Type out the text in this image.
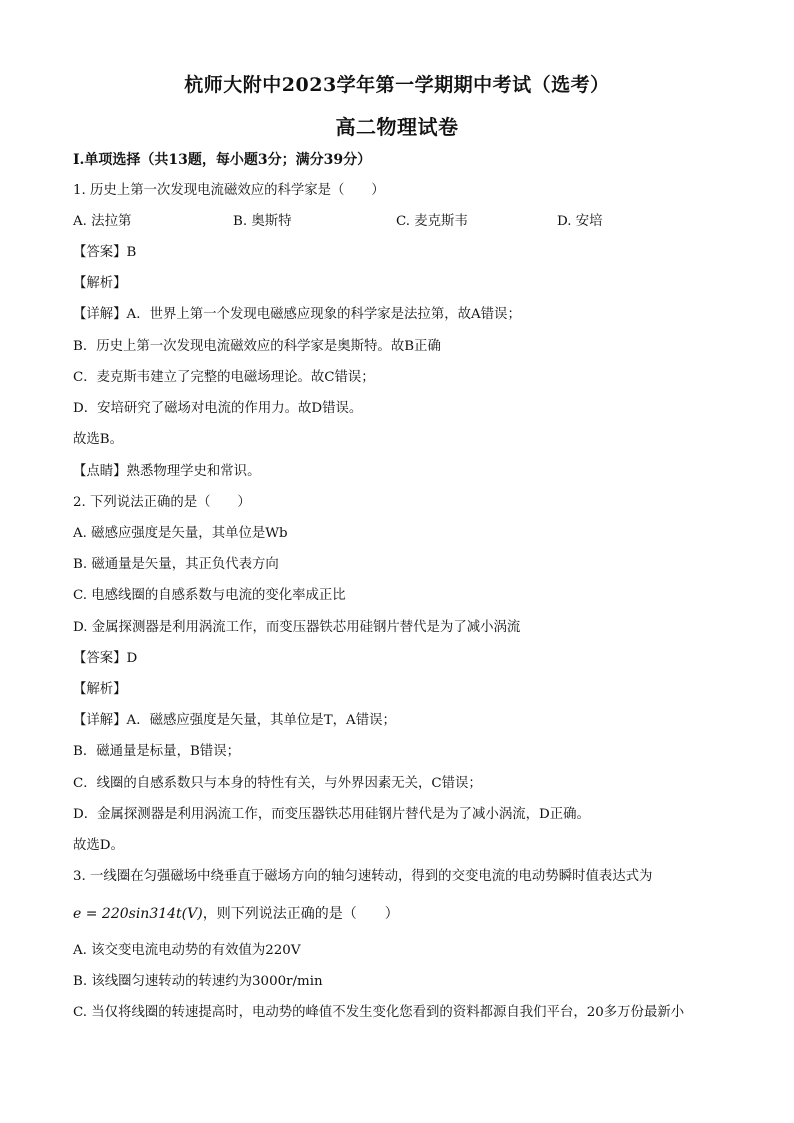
杭师大附中2023学年第一学期期中考试（选考）
高二物理试卷
I.单项选择（共13题，每小题3分；满分39分）
1. 历史上第一次发现电流磁效应的科学家是（　　）
A. 法拉第	B. 奥斯特	C. 麦克斯韦	D. 安培
【答案】B
【解析】
【详解】A．世界上第一个发现电磁感应现象的科学家是法拉第，故A错误；
B．历史上第一次发现电流磁效应的科学家是奥斯特。故B正确
C．麦克斯韦建立了完整的电磁场理论。故C错误；
D．安培研究了磁场对电流的作用力。故D错误。
故选B。
【点睛】熟悉物理学史和常识。
2. 下列说法正确的是（　　）
A. 磁感应强度是矢量，其单位是Wb
B. 磁通量是矢量，其正负代表方向
C. 电感线圈的自感系数与电流的变化率成正比
D. 金属探测器是利用涡流工作，而变压器铁芯用硅钢片替代是为了减小涡流
【答案】D
【解析】
【详解】A．磁感应强度是矢量，其单位是T，A错误；
B．磁通量是标量，B错误；
C．线圈的自感系数只与本身的特性有关，与外界因素无关，C错误；
D．金属探测器是利用涡流工作，而变压器铁芯用硅钢片替代是为了减小涡流，D正确。
故选D。
3. 一线圈在匀强磁场中绕垂直于磁场方向的轴匀速转动，得到的交变电流的电动势瞬时值表达式为
e = 220sin314t(V)，则下列说法正确的是（　　）
A. 该交变电流电动势的有效值为220V
B. 该线圈匀速转动的转速约为3000r/min
C. 当仅将线圈的转速提高时，电动势的峰值不发生变化您看到的资料都源自我们平台，20多万份最新小
